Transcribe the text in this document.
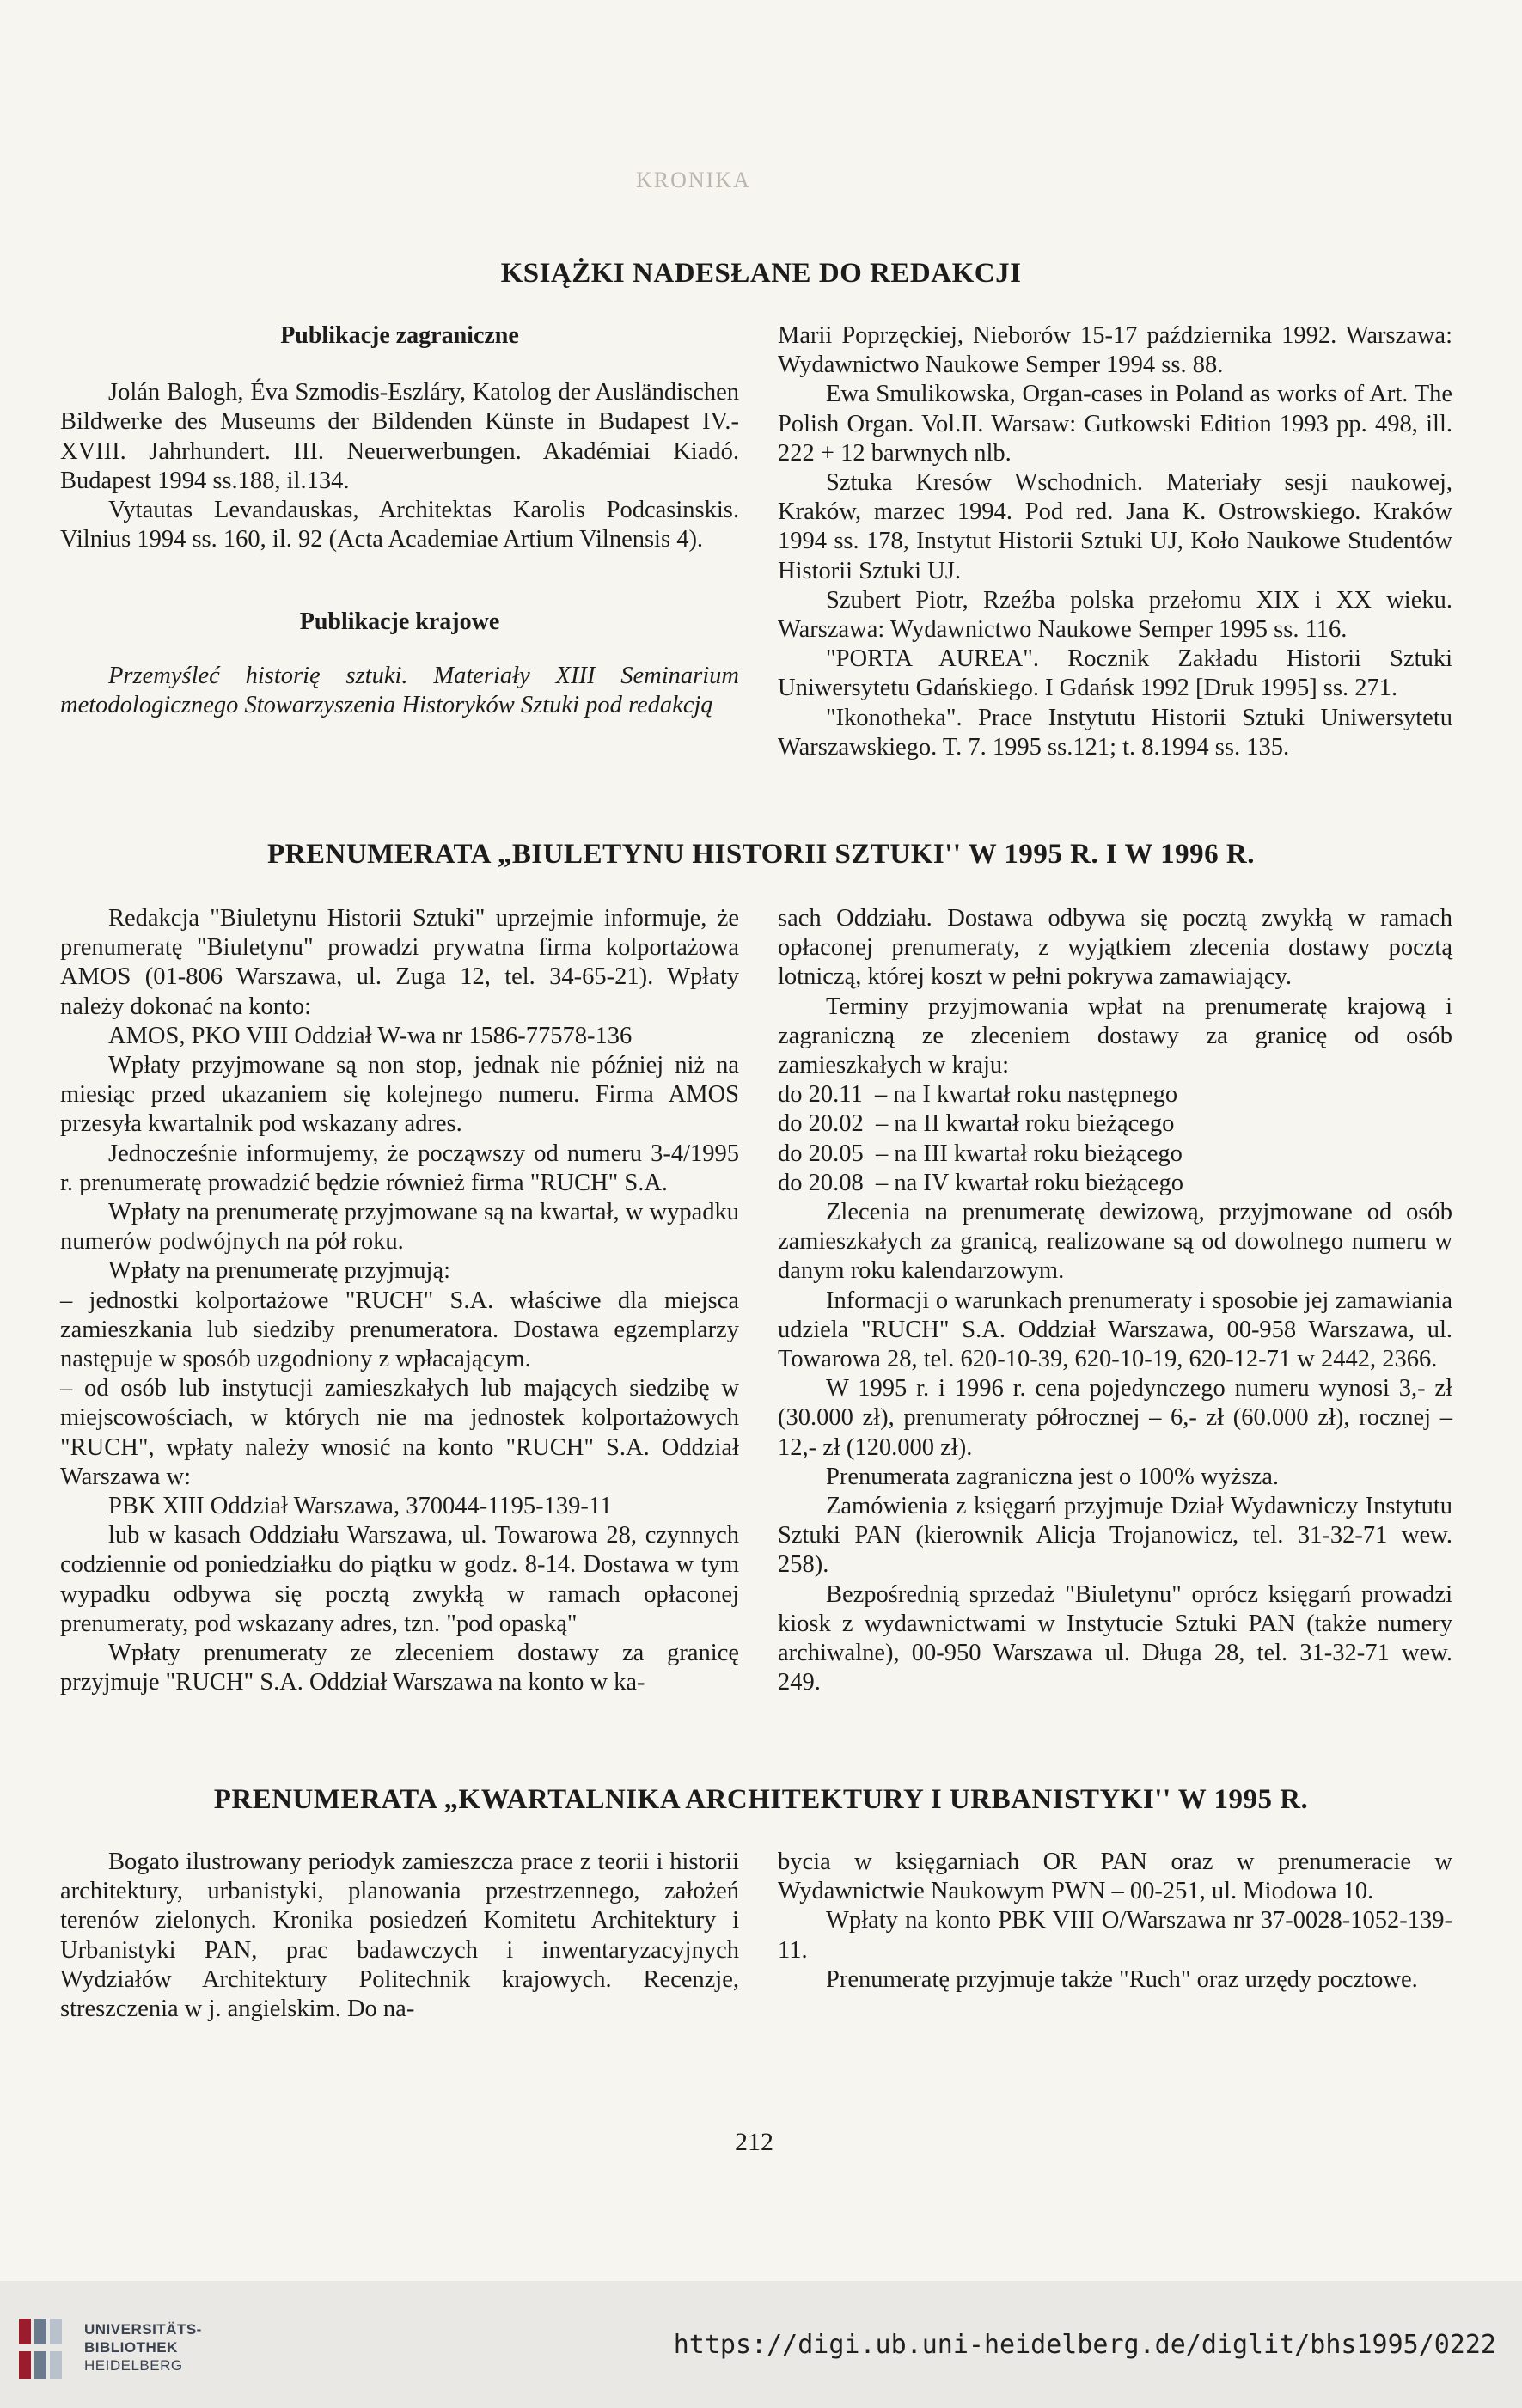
KRONIKA
KSIĄŻKI NADESŁANE DO REDAKCJI

Publikacje zagraniczne

Jolán Balogh, Éva Szmodis-Eszláry, Katolog der Ausländischen Bildwerke des Museums der Bildenden Künste in Budapest IV.-XVIII. Jahrhundert. III. Neuerwerbungen. Akadémiai Kiadó. Budapest 1994 ss.188, il.134.

Vytautas Levandauskas, Architektas Karolis Podcasinskis. Vilnius 1994 ss. 160, il. 92 (Acta Academiae Artium Vilnensis 4).

Publikacje krajowe

Przemyśleć historię sztuki. Materiały XIII Seminarium metodologicznego Stowarzyszenia Historyków Sztuki pod redakcją

Marii Poprzęckiej, Nieborów 15-17 października 1992. Warszawa: Wydawnictwo Naukowe Semper 1994 ss. 88.

Ewa Smulikowska, Organ-cases in Poland as works of Art. The Polish Organ. Vol.II. Warsaw: Gutkowski Edition 1993 pp. 498, ill. 222 + 12 barwnych nlb.

Sztuka Kresów Wschodnich. Materiały sesji naukowej, Kraków, marzec 1994. Pod red. Jana K. Ostrowskiego. Kraków 1994 ss. 178, Instytut Historii Sztuki UJ, Koło Naukowe Studentów Historii Sztuki UJ.

Szubert Piotr, Rzeźba polska przełomu XIX i XX wieku. Warszawa: Wydawnictwo Naukowe Semper 1995 ss. 116.

"PORTA AUREA". Rocznik Zakładu Historii Sztuki Uniwersytetu Gdańskiego. I Gdańsk 1992 [Druk 1995] ss. 271.

"Ikonotheka". Prace Instytutu Historii Sztuki Uniwersytetu Warszawskiego. T. 7. 1995 ss.121; t. 8.1994 ss. 135.

PRENUMERATA „BIULETYNU HISTORII SZTUKI'' W 1995 R. I W 1996 R.

Redakcja "Biuletynu Historii Sztuki" uprzejmie informuje, że prenumeratę "Biuletynu" prowadzi prywatna firma kolportażowa AMOS (01-806 Warszawa, ul. Zuga 12, tel. 34-65-21). Wpłaty należy dokonać na konto:

AMOS, PKO VIII Oddział W-wa nr 1586-77578-136

Wpłaty przyjmowane są non stop, jednak nie później niż na miesiąc przed ukazaniem się kolejnego numeru. Firma AMOS przesyła kwartalnik pod wskazany adres.

Jednocześnie informujemy, że począwszy od numeru 3-4/1995 r. prenumeratę prowadzić będzie również firma "RUCH" S.A.

Wpłaty na prenumeratę przyjmowane są na kwartał, w wypadku numerów podwójnych na pół roku.

Wpłaty na prenumeratę przyjmują:

– jednostki kolportażowe "RUCH" S.A. właściwe dla miejsca zamieszkania lub siedziby prenumeratora. Dostawa egzemplarzy następuje w sposób uzgodniony z wpłacającym.

– od osób lub instytucji zamieszkałych lub mających siedzibę w miejscowościach, w których nie ma jednostek kolportażowych "RUCH", wpłaty należy wnosić na konto "RUCH" S.A. Oddział Warszawa w:

PBK XIII Oddział Warszawa, 370044-1195-139-11

lub w kasach Oddziału Warszawa, ul. Towarowa 28, czynnych codziennie od poniedziałku do piątku w godz. 8-14. Dostawa w tym wypadku odbywa się pocztą zwykłą w ramach opłaconej prenumeraty, pod wskazany adres, tzn. "pod opaską"

Wpłaty prenumeraty ze zleceniem dostawy za granicę przyjmuje "RUCH" S.A. Oddział Warszawa na konto w ka-

sach Oddziału. Dostawa odbywa się pocztą zwykłą w ramach opłaconej prenumeraty, z wyjątkiem zlecenia dostawy pocztą lotniczą, której koszt w pełni pokrywa zamawiający.

Terminy przyjmowania wpłat na prenumeratę krajową i zagraniczną ze zleceniem dostawy za granicę od osób zamieszkałych w kraju:

do 20.11  – na I kwartał roku następnego

do 20.02  – na II kwartał roku bieżącego

do 20.05  – na III kwartał roku bieżącego

do 20.08  – na IV kwartał roku bieżącego

Zlecenia na prenumeratę dewizową, przyjmowane od osób zamieszkałych za granicą, realizowane są od dowolnego numeru w danym roku kalendarzowym.

Informacji o warunkach prenumeraty i sposobie jej zamawiania udziela "RUCH" S.A. Oddział Warszawa, 00-958 Warszawa, ul. Towarowa 28, tel. 620-10-39, 620-10-19, 620-12-71 w 2442, 2366.

W 1995 r. i 1996 r. cena pojedynczego numeru wynosi 3,- zł (30.000 zł), prenumeraty półrocznej – 6,- zł (60.000 zł), rocznej – 12,- zł (120.000 zł).

Prenumerata zagraniczna jest o 100% wyższa.

Zamówienia z księgarń przyjmuje Dział Wydawniczy Instytutu Sztuki PAN (kierownik Alicja Trojanowicz, tel. 31-32-71 wew. 258).

Bezpośrednią sprzedaż "Biuletynu" oprócz księgarń prowadzi kiosk z wydawnictwami w Instytucie Sztuki PAN (także numery archiwalne), 00-950 Warszawa ul. Długa 28, tel. 31-32-71 wew. 249.

PRENUMERATA „KWARTALNIKA ARCHITEKTURY I URBANISTYKI'' W 1995 R.

Bogato ilustrowany periodyk zamieszcza prace z teorii i historii architektury, urbanistyki, planowania przestrzennego, założeń terenów zielonych. Kronika posiedzeń Komitetu Architektury i Urbanistyki PAN, prac badawczych i inwentaryzacyjnych Wydziałów Architektury Politechnik krajowych. Recenzje, streszczenia w j. angielskim. Do na-

bycia w księgarniach OR PAN oraz w prenumeracie w Wydawnictwie Naukowym PWN – 00-251, ul. Miodowa 10.

Wpłaty na konto PBK VIII O/Warszawa nr 37-0028-1052-139-11.

Prenumeratę przyjmuje także "Ruch" oraz urzędy pocztowe.

212
UNIVERSITÄTS-
BIBLIOTHEK
HEIDELBERG
https://digi.ub.uni-heidelberg.de/diglit/bhs1995/0222
